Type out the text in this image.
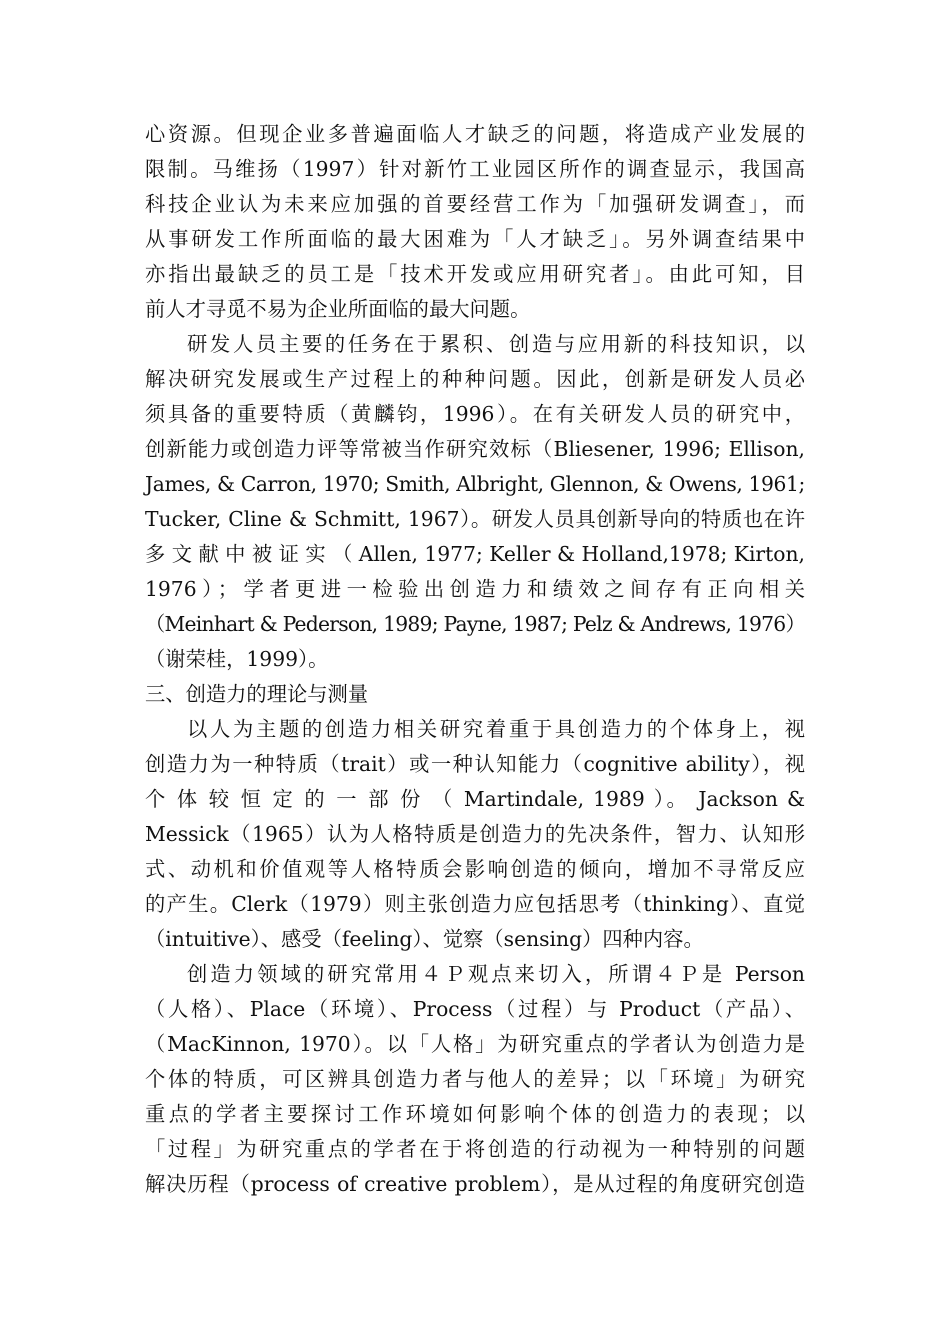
心资源。但现企业多普遍面临人才缺乏的问题，将造成产业发展的
限制。马维扬（1997）针对新竹工业园区所作的调查显示，我国高
科技企业认为未来应加强的首要经营工作为「加强研发调查」，而
从事研发工作所面临的最大困难为「人才缺乏」。另外调查结果中
亦指出最缺乏的员工是「技术开发或应用研究者」。由此可知，目
前人才寻觅不易为企业所面临的最大问题。
研发人员主要的任务在于累积、创造与应用新的科技知识，以
解决研究发展或生产过程上的种种问题。因此，创新是研发人员必
须具备的重要特质（黄麟钧，1996）。在有关研发人员的研究中，
创新能力或创造力评等常被当作研究效标（Bliesener, 1996; Ellison,
James, & Carron, 1970; Smith, Albright, Glennon, & Owens, 1961;
Tucker, Cline & Schmitt, 1967）。研发人员具创新导向的特质也在许
多 文 献 中 被 证 实 （ Allen, 1977; Keller & Holland,1978; Kirton,
1976）；学者更进一检验出创造力和绩效之间存有正向相关
（Meinhart & Pederson, 1989; Payne, 1987; Pelz & Andrews, 1976）
（谢荣桂，1999）。
三、创造力的理论与测量
以人为主题的创造力相关研究着重于具创造力的个体身上，视
创造力为一种特质（trait）或一种认知能力（cognitive ability），视
个 体 较 恒 定 的 一 部 份 （ Martindale, 1989 ）。 Jackson &
Messick（1965）认为人格特质是创造力的先决条件，智力、认知形
式、动机和价值观等人格特质会影响创造的倾向，增加不寻常反应
的产生。Clerk（1979）则主张创造力应包括思考（thinking）、直觉
（intuitive）、感受（feeling）、觉察（sensing）四种内容。
创造力领域的研究常用４Ｐ观点来切入，所谓４Ｐ是 Person
（人格）、Place（环境）、Process（过程）与 Product（产品）、
（MacKinnon, 1970）。以「人格」为研究重点的学者认为创造力是
个体的特质，可区辨具创造力者与他人的差异；以「环境」为研究
重点的学者主要探讨工作环境如何影响个体的创造力的表现；以
「过程」为研究重点的学者在于将创造的行动视为一种特别的问题
解决历程（process of creative problem），是从过程的角度研究创造
